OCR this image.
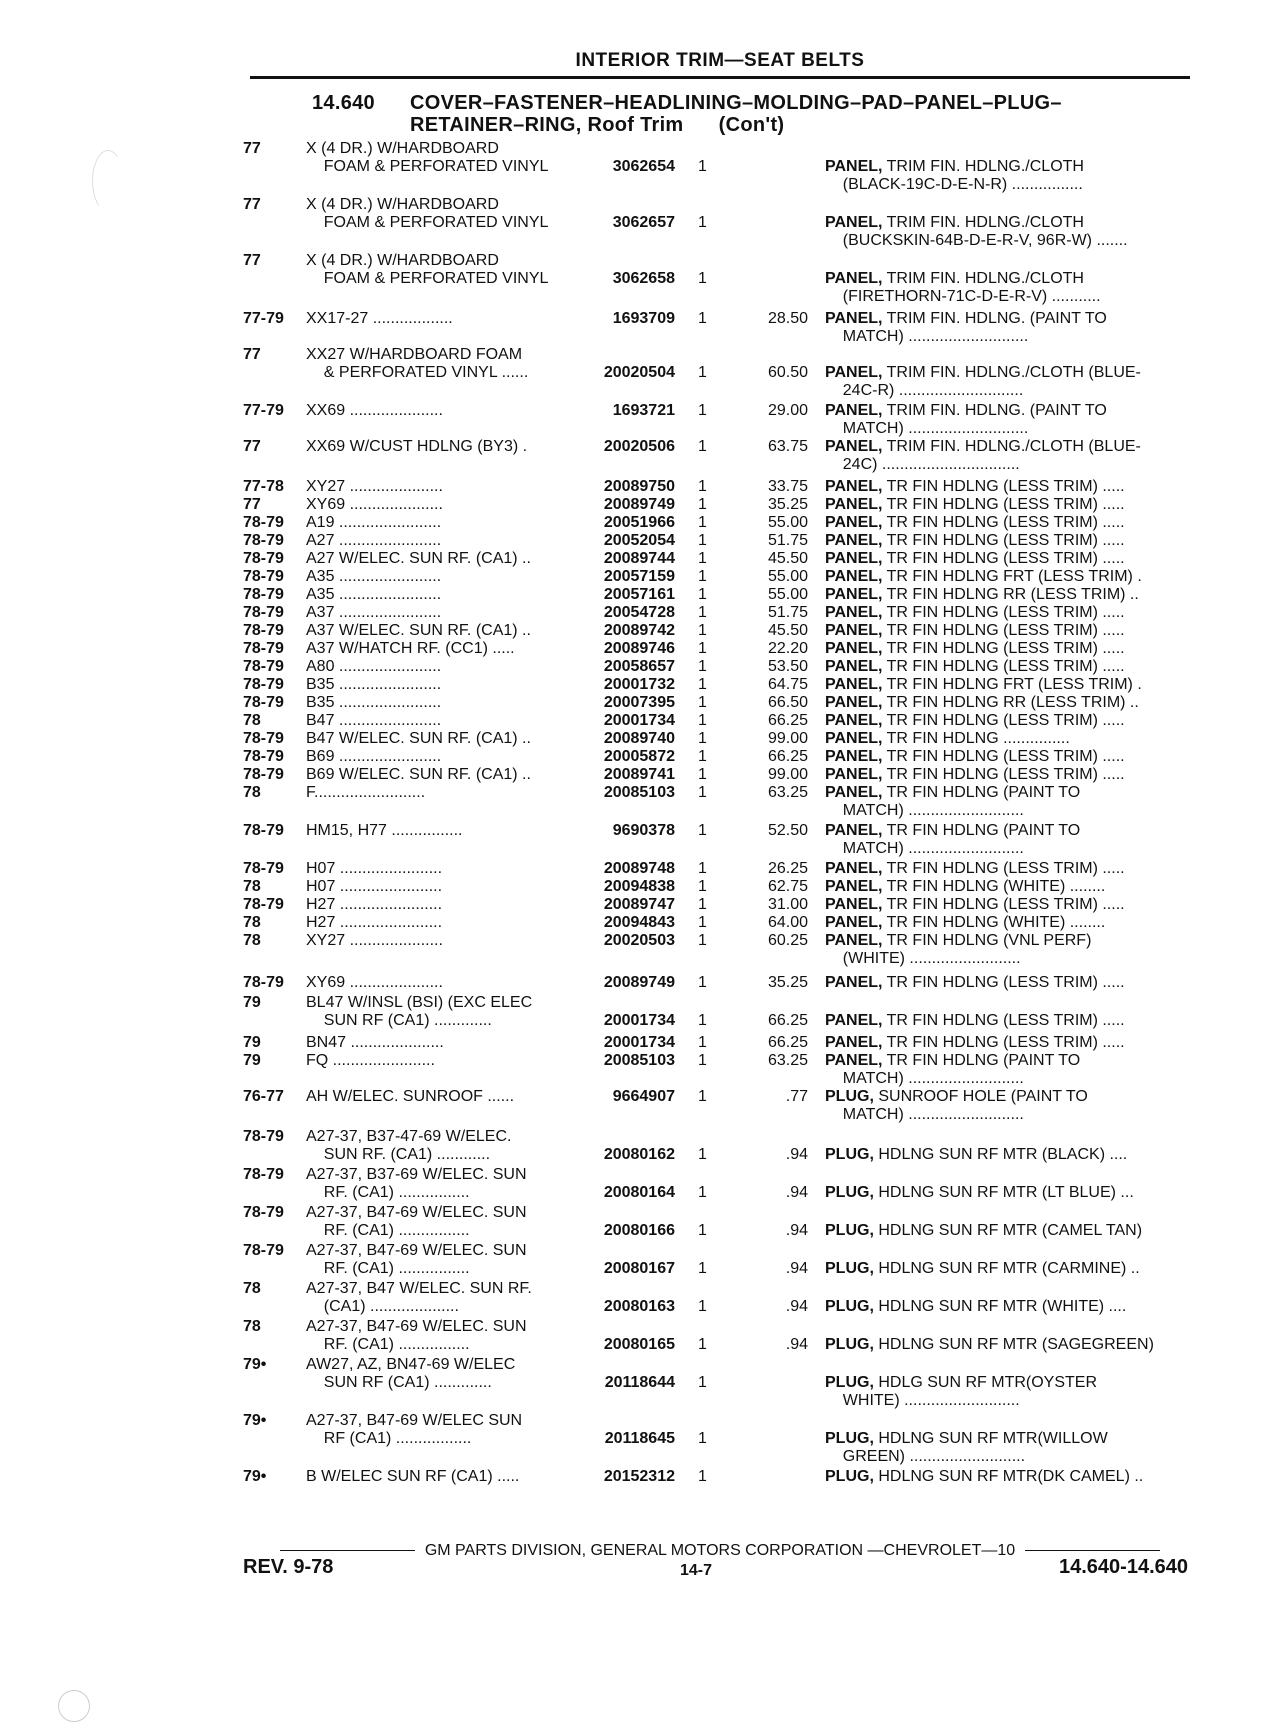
INTERIOR TRIM—SEAT BELTS
14.640 COVER–FASTENER–HEADLINING–MOLDING–PAD–PANEL–PLUG–
RETAINER–RING, Roof Trim (Con't)
77	X (4 DR.) W/HARDBOARD
FOAM & PERFORATED VINYL	3062654 1	PANEL, TRIM FIN. HDLNG./CLOTH
(BLACK-19C-D-E-N-R) ................
77	X (4 DR.) W/HARDBOARD
FOAM & PERFORATED VINYL	3062657 1	PANEL, TRIM FIN. HDLNG./CLOTH
(BUCKSKIN-64B-D-E-R-V, 96R-W) .......
77	X (4 DR.) W/HARDBOARD
FOAM & PERFORATED VINYL	3062658 1	PANEL, TRIM FIN. HDLNG./CLOTH
(FIRETHORN-71C-D-E-R-V) ...........
77-79	XX17-27 ..................	1693709 1	28.50 PANEL, TRIM FIN. HDLNG. (PAINT TO
MATCH) ...........................
77	XX27 W/HARDBOARD FOAM
& PERFORATED VINYL ......	20020504 1	60.50 PANEL, TRIM FIN. HDLNG./CLOTH (BLUE-
24C-R) ............................
77-79	XX69 .....................	1693721 1	29.00 PANEL, TRIM FIN. HDLNG. (PAINT TO
MATCH) ...........................
77	XX69 W/CUST HDLNG (BY3) .	20020506 1	63.75 PANEL, TRIM FIN. HDLNG./CLOTH (BLUE-
24C) ...............................
77-78	XY27 .....................	20089750 1	33.75 PANEL, TR FIN HDLNG (LESS TRIM) .....
77	XY69 .....................	20089749 1	35.25 PANEL, TR FIN HDLNG (LESS TRIM) .....
78-79	A19 .......................	20051966 1	55.00 PANEL, TR FIN HDLNG (LESS TRIM) .....
78-79	A27 .......................	20052054 1	51.75 PANEL, TR FIN HDLNG (LESS TRIM) .....
78-79	A27 W/ELEC. SUN RF. (CA1) ..	20089744 1	45.50 PANEL, TR FIN HDLNG (LESS TRIM) .....
78-79	A35 .......................	20057159 1	55.00 PANEL, TR FIN HDLNG FRT (LESS TRIM) .
78-79	A35 .......................	20057161 1	55.00 PANEL, TR FIN HDLNG RR (LESS TRIM) ..
78-79	A37 .......................	20054728 1	51.75 PANEL, TR FIN HDLNG (LESS TRIM) .....
78-79	A37 W/ELEC. SUN RF. (CA1) ..	20089742 1	45.50 PANEL, TR FIN HDLNG (LESS TRIM) .....
78-79	A37 W/HATCH RF. (CC1) .....	20089746 1	22.20 PANEL, TR FIN HDLNG (LESS TRIM) .....
78-79	A80 .......................	20058657 1	53.50 PANEL, TR FIN HDLNG (LESS TRIM) .....
78-79	B35 .......................	20001732 1	64.75 PANEL, TR FIN HDLNG FRT (LESS TRIM) .
78-79	B35 .......................	20007395 1	66.50 PANEL, TR FIN HDLNG RR (LESS TRIM) ..
78	B47 .......................	20001734 1	66.25 PANEL, TR FIN HDLNG (LESS TRIM) .....
78-79	B47 W/ELEC. SUN RF. (CA1) ..	20089740 1	99.00 PANEL, TR FIN HDLNG ...............
78-79	B69 .......................	20005872 1	66.25 PANEL, TR FIN HDLNG (LESS TRIM) .....
78-79	B69 W/ELEC. SUN RF. (CA1) ..	20089741 1	99.00 PANEL, TR FIN HDLNG (LESS TRIM) .....
78	F.........................	20085103 1	63.25 PANEL, TR FIN HDLNG (PAINT TO
MATCH) ..........................
78-79	HM15, H77 ................	9690378 1	52.50 PANEL, TR FIN HDLNG (PAINT TO
MATCH) ..........................
78-79	H07 .......................	20089748 1	26.25 PANEL, TR FIN HDLNG (LESS TRIM) .....
78	H07 .......................	20094838 1	62.75 PANEL, TR FIN HDLNG (WHITE) ........
78-79	H27 .......................	20089747 1	31.00 PANEL, TR FIN HDLNG (LESS TRIM) .....
78	H27 .......................	20094843 1	64.00 PANEL, TR FIN HDLNG (WHITE) ........
78	XY27 .....................	20020503 1	60.25 PANEL, TR FIN HDLNG (VNL PERF)
(WHITE) .........................
78-79	XY69 .....................	20089749 1	35.25 PANEL, TR FIN HDLNG (LESS TRIM) .....
79	BL47 W/INSL (BSI) (EXC ELEC
SUN RF (CA1) .............	20001734 1	66.25 PANEL, TR FIN HDLNG (LESS TRIM) .....
79	BN47 .....................	20001734 1	66.25 PANEL, TR FIN HDLNG (LESS TRIM) .....
79	FQ .......................	20085103 1	63.25 PANEL, TR FIN HDLNG (PAINT TO
MATCH) ..........................
76-77	AH W/ELEC. SUNROOF ......	9664907 1	.77 PLUG, SUNROOF HOLE (PAINT TO
MATCH) ..........................
78-79	A27-37, B37-47-69 W/ELEC.
SUN RF. (CA1) ............	20080162 1	.94 PLUG, HDLNG SUN RF MTR (BLACK) ....
78-79	A27-37, B37-69 W/ELEC. SUN
RF. (CA1) ................	20080164 1	.94 PLUG, HDLNG SUN RF MTR (LT BLUE) ...
78-79	A27-37, B47-69 W/ELEC. SUN
RF. (CA1) ................	20080166 1	.94 PLUG, HDLNG SUN RF MTR (CAMEL TAN)
78-79	A27-37, B47-69 W/ELEC. SUN
RF. (CA1) ................	20080167 1	.94 PLUG, HDLNG SUN RF MTR (CARMINE) ..
78	A27-37, B47 W/ELEC. SUN RF.
(CA1) ....................	20080163 1	.94 PLUG, HDLNG SUN RF MTR (WHITE) ....
78	A27-37, B47-69 W/ELEC. SUN
RF. (CA1) ................	20080165 1	.94 PLUG, HDLNG SUN RF MTR (SAGEGREEN)
79•	AW27, AZ, BN47-69 W/ELEC
SUN RF (CA1) .............	20118644 1	PLUG, HDLG SUN RF MTR(OYSTER
WHITE) ..........................
79•	A27-37, B47-69 W/ELEC SUN
RF (CA1) .................	20118645 1	PLUG, HDLNG SUN RF MTR(WILLOW
GREEN) ..........................
79•	B W/ELEC SUN RF (CA1) .....	20152312 1	PLUG, HDLNG SUN RF MTR(DK CAMEL) ..
GM PARTS DIVISION, GENERAL MOTORS CORPORATION —CHEVROLET—10
REV. 9-78	14-7	14.640-14.640
